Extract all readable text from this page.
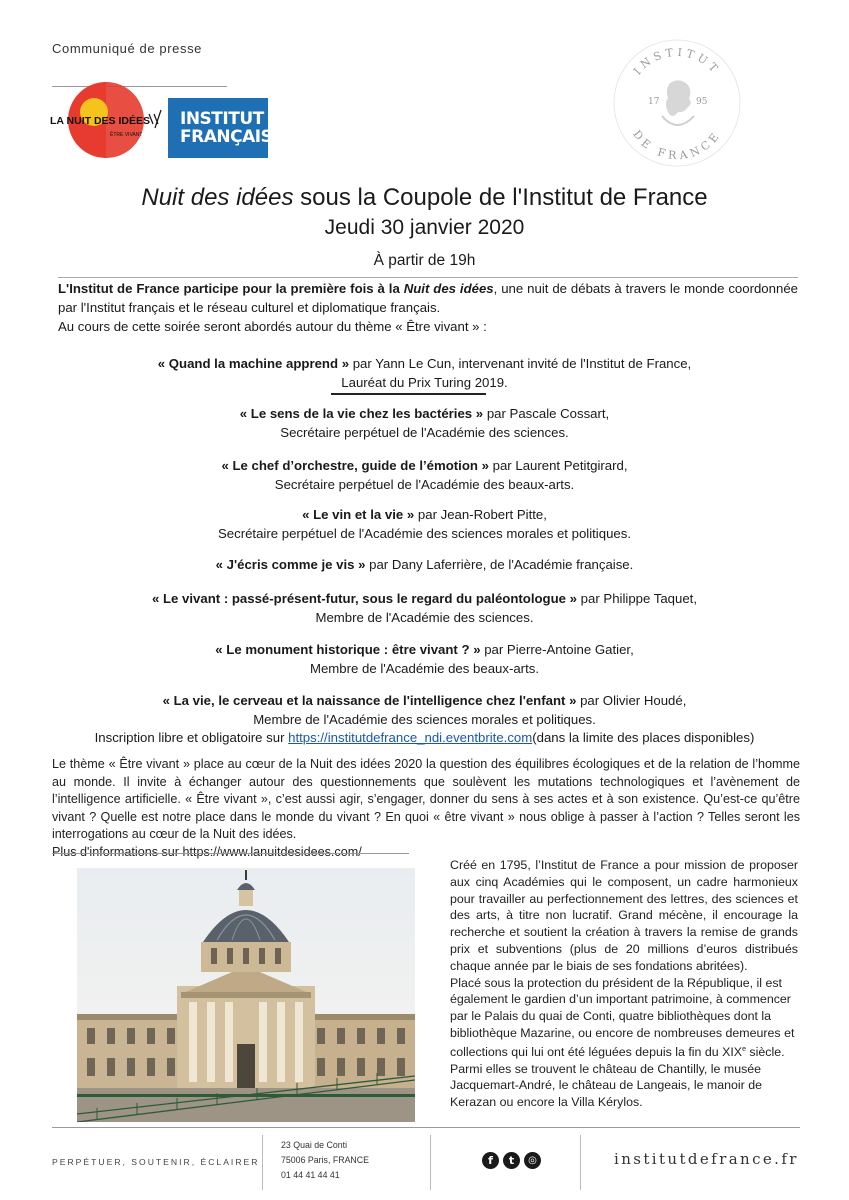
Communiqué de presse
LA NUIT DES IDÉES
ÊTRE VIVANT
INSTITUT
FRANÇAIS
INSTITUT
DE FRANCE
17	95
Nuit des idées sous la Coupole de l'Institut de France
Jeudi 30 janvier 2020
À partir de 19h
L'Institut de France participe pour la première fois à la Nuit des idées, une nuit de débats à travers le monde coordonnée par l'Institut français et le réseau culturel et diplomatique français.
Au cours de cette soirée seront abordés autour du thème « Être vivant » :
« Quand la machine apprend » par Yann Le Cun, intervenant invité de l'Institut de France,
Lauréat du Prix Turing 2019.
« Le sens de la vie chez les bactéries » par Pascale Cossart,
Secrétaire perpétuel de l'Académie des sciences.
« Le chef d’orchestre, guide de l’émotion » par Laurent Petitgirard,
Secrétaire perpétuel de l'Académie des beaux-arts.
« Le vin et la vie » par Jean-Robert Pitte,
Secrétaire perpétuel de l'Académie des sciences morales et politiques.
« J'écris comme je vis » par Dany Laferrière, de l'Académie française.
« Le vivant : passé-présent-futur, sous le regard du paléontologue » par Philippe Taquet,
Membre de l'Académie des sciences.
« Le monument historique : être vivant ? » par Pierre-Antoine Gatier,
Membre de l'Académie des beaux-arts.
« La vie, le cerveau et la naissance de l'intelligence chez l'enfant » par Olivier Houdé,
Membre de l'Académie des sciences morales et politiques.
Inscription libre et obligatoire sur https://institutdefrance_ndi.eventbrite.com(dans la limite des places disponibles)
Le thème « Être vivant » place au cœur de la Nuit des idées 2020 la question des équilibres écologiques et de la relation de l’homme au monde. Il invite à échanger autour des questionnements que soulèvent les mutations technologiques et l’avènement de l’intelligence artificielle. « Être vivant », c’est aussi agir, s’engager, donner du sens à ses actes et à son existence. Qu’est-ce qu’être vivant ? Quelle est notre place dans le monde du vivant ? En quoi « être vivant » nous oblige à passer à l’action ? Telles seront les interrogations au cœur de la Nuit des idées.
Plus d'informations sur https://www.lanuitdesidees.com/

Créé en 1795, l’Institut de France a pour mission de proposer aux cinq Académies qui le composent, un cadre harmonieux pour travailler au perfectionnement des lettres, des sciences et des arts, à titre non lucratif. Grand mécène, il encourage la recherche et soutient la création à travers la remise de grands prix et subventions (plus de 20 millions d’euros distribués chaque année par le biais de ses fondations abritées).

Placé sous la protection du président de la République, il est également le gardien d’un important patrimoine, à commencer par le Palais du quai de Conti, quatre bibliothèques dont la bibliothèque Mazarine, ou encore de nombreuses demeures et collections qui lui ont été léguées depuis la fin du XIXe siècle. Parmi elles se trouvent le château de Chantilly, le musée Jacquemart-André, le château de Langeais, le manoir de Kerazan ou encore la Villa Kérylos.

PERPÉTUER, SOUTENIR, ÉCLAIRER
23 Quai de Conti
75006 Paris, FRANCE
01 44 41 44 41
f	t	◎	institutdefrance.fr
